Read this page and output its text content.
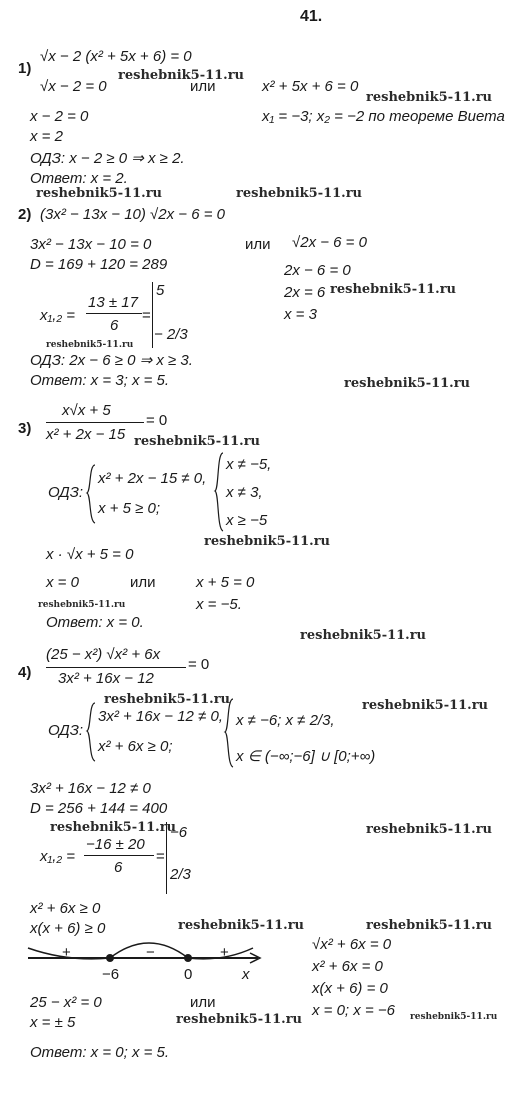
41.
1)
√x − 2 (x² + 5x + 6) = 0
√x − 2 = 0	или	x² + 5x + 6 = 0
x₁ = −3; x₂ = −2 по теореме Виета
x − 2 = 0
x = 2
ОДЗ: x − 2 ≥ 0 ⇒ x ≥ 2.
Ответ: x = 2.
2) (3x² − 13x − 10) √2x − 6 = 0
3x² − 13x − 10 = 0	или √2x − 6 = 0
D = 169 + 120 = 289	2x − 6 = 0
2x = 6
x = 3
x₁,₂ =
13 ± 17
6
=
5
− 2/3
ОДЗ: 2x − 6 ≥ 0 ⇒ x ≥ 3.
Ответ: x = 3; x = 5.
3)
x√x + 5
x² + 2x − 15
= 0
ОДЗ:
x² + 2x − 15 ≠ 0,
x + 5 ≥ 0;
x ≠ −5,
x ≠ 3,
x ≥ −5
x · √x + 5 = 0
x = 0	или	x + 5 = 0
x = −5.
Ответ: x = 0.
4)
(25 − x²) √x² + 6x
3x² + 16x − 12
= 0
ОДЗ:
3x² + 16x − 12 ≠ 0,
x² + 6x ≥ 0;
x ≠ −6; x ≠ 2/3,
x ∈ (−∞;−6] ∪ [0;+∞)
3x² + 16x − 12 ≠ 0
D = 256 + 144 = 400
x₁,₂ =
−16 ± 20
6
=
−6
2/3
x² + 6x ≥ 0
x(x + 6) ≥ 0
+	−	+
−6	0	x
√x² + 6x = 0
x² + 6x = 0
x(x + 6) = 0
x = 0; x = −6
25 − x² = 0	или
x = ± 5
Ответ: x = 0; x = 5.
reshebnik5-11.ru
reshebnik5-11.ru
reshebnik5-11.ru	reshebnik5-11.ru
reshebnik5-11.ru
reshebnik5-11.ru
reshebnik5-11.ru
reshebnik5-11.ru
reshebnik5-11.ru
reshebnik5-11.ru
reshebnik5-11.ru
reshebnik5-11.ru	reshebnik5-11.ru
reshebnik5-11.ru	reshebnik5-11.ru
reshebnik5-11.ru	reshebnik5-11.ru
reshebnik5-11.ru	reshebnik5-11.ru
